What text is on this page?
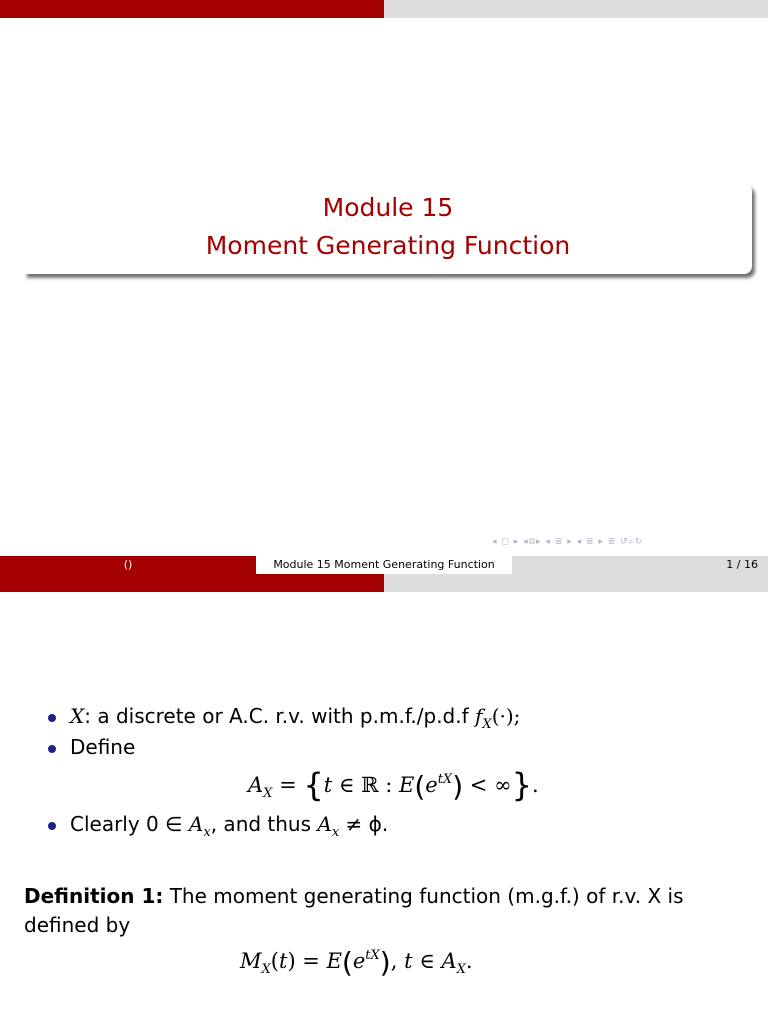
Module 15
Moment Generating Function
◂ ◻ ▸ ◂⧉▸ ◂ ≣ ▸ ◂ ≣ ▸ ≣ ↺⌕↻
()	Module 15 Moment Generating Function	1 / 16
X: a discrete or A.C. r.v. with p.m.f./p.d.f $f_X(\cdot)$;
Define
$A_X = \{t$ ∈ ℝ : $E(e^{tX})$ < ∞}.
Clearly 0 ∈ $A_x$, and thus $A_x \ne \phi$.
Definition 1: The moment generating function (m.g.f.) of r.v. X is defined by
$M_X(t) = E(e^{tX})$, t ∈ $A_X$.
